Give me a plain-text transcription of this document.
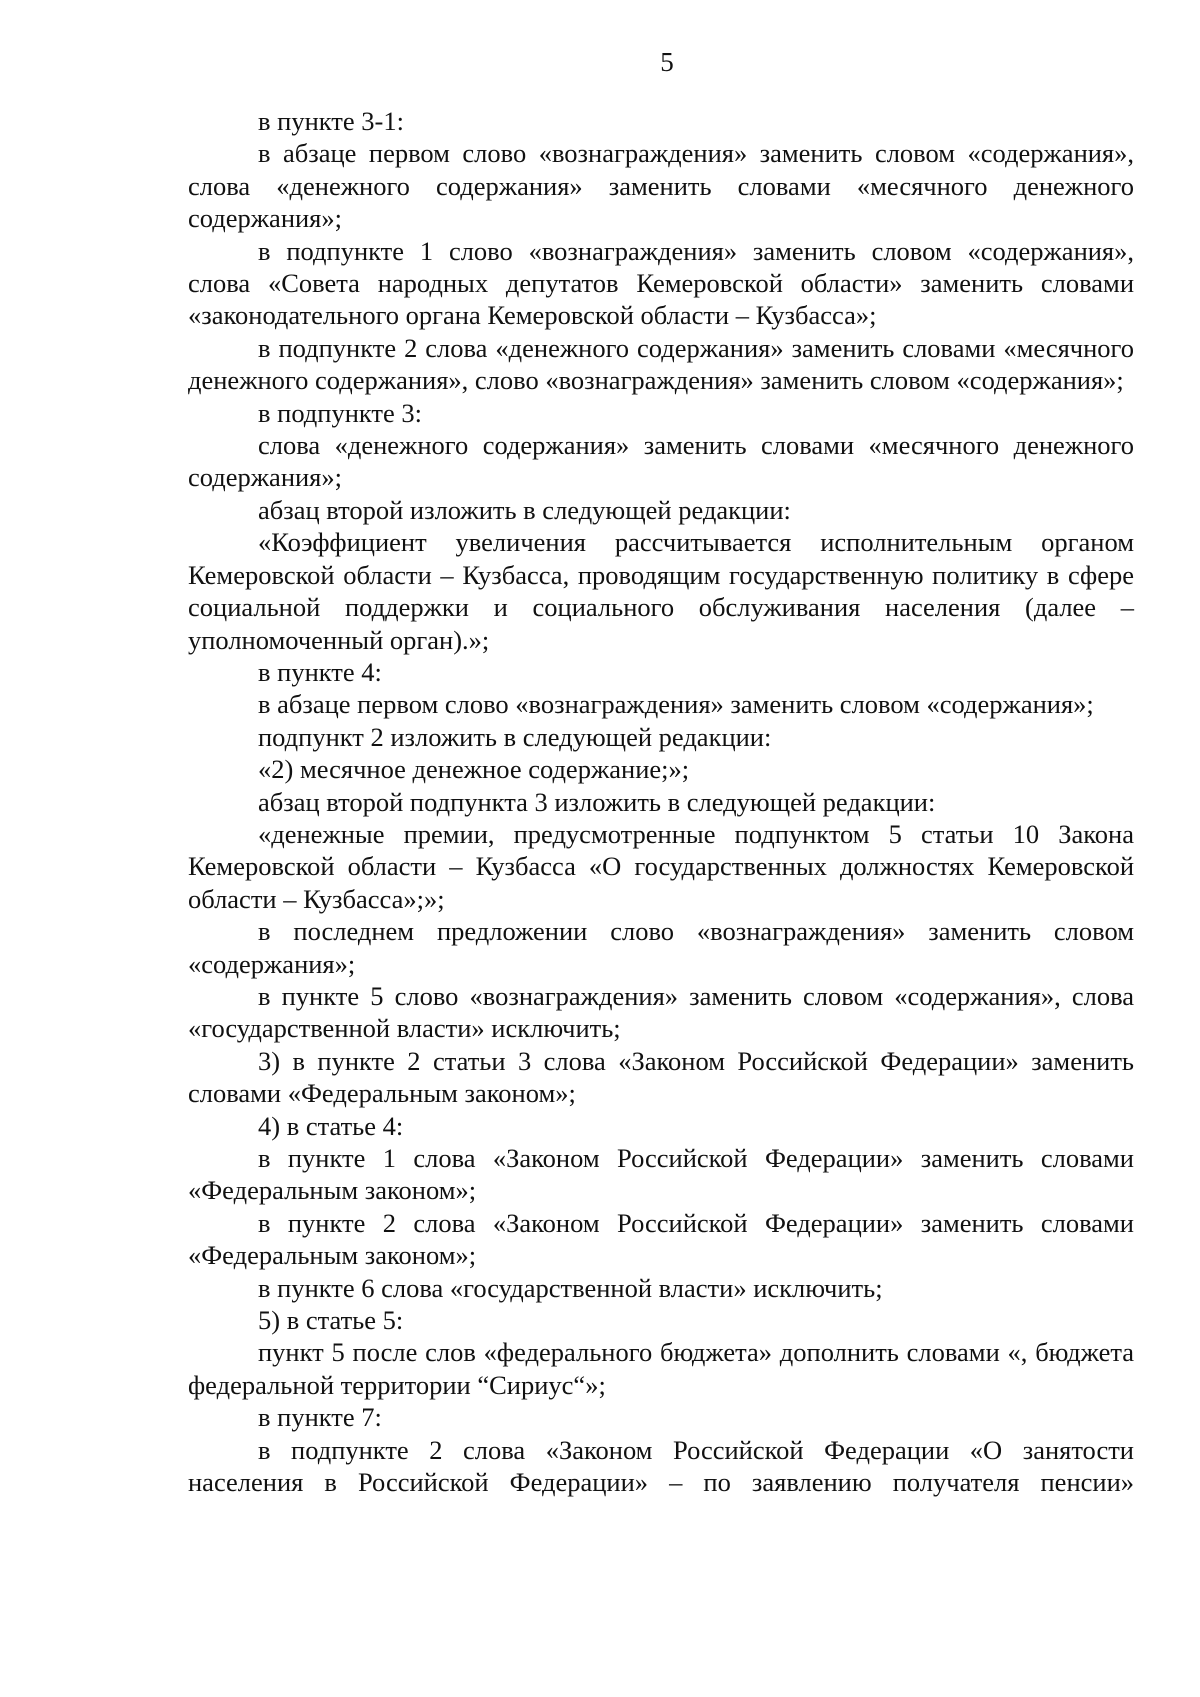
5

в пункте 3-1:

в абзаце первом слово «вознаграждения» заменить словом «содержания», слова «денежного содержания» заменить словами «месячного денежного содержания»;

в подпункте 1 слово «вознаграждения» заменить словом «содержания», слова «Совета народных депутатов Кемеровской области» заменить словами «законодательного органа Кемеровской области – Кузбасса»;

в подпункте 2 слова «денежного содержания» заменить словами «месячного денежного содержания», слово «вознаграждения» заменить словом «содержания»;

в подпункте 3:

слова «денежного содержания» заменить словами «месячного денежного содержания»;

абзац второй изложить в следующей редакции:

«Коэффициент увеличения рассчитывается исполнительным органом Кемеровской области – Кузбасса, проводящим государственную политику в сфере социальной поддержки и социального обслуживания населения (далее – уполномоченный орган).»;

в пункте 4:

в абзаце первом слово «вознаграждения» заменить словом «содержания»;

подпункт 2 изложить в следующей редакции:

«2) месячное денежное содержание;»;

абзац второй подпункта 3 изложить в следующей редакции:

«денежные премии, предусмотренные подпунктом 5 статьи 10 Закона Кемеровской области – Кузбасса «О государственных должностях Кемеровской области – Кузбасса»;»;

в последнем предложении слово «вознаграждения» заменить словом «содержания»;

в пункте 5 слово «вознаграждения» заменить словом «содержания», слова «государственной власти» исключить;

3) в пункте 2 статьи 3 слова «Законом Российской Федерации» заменить словами «Федеральным законом»;

4) в статье 4:

в пункте 1 слова «Законом Российской Федерации» заменить словами «Федеральным законом»;

в пункте 2 слова «Законом Российской Федерации» заменить словами «Федеральным законом»;

в пункте 6 слова «государственной власти» исключить;

5) в статье 5:

пункт 5 после слов «федерального бюджета» дополнить словами «, бюджета федеральной территории “Сириус“»;

в пункте 7:

в подпункте 2 слова «Законом Российской Федерации «О занятости населения в Российской Федерации» – по заявлению получателя пенсии»
